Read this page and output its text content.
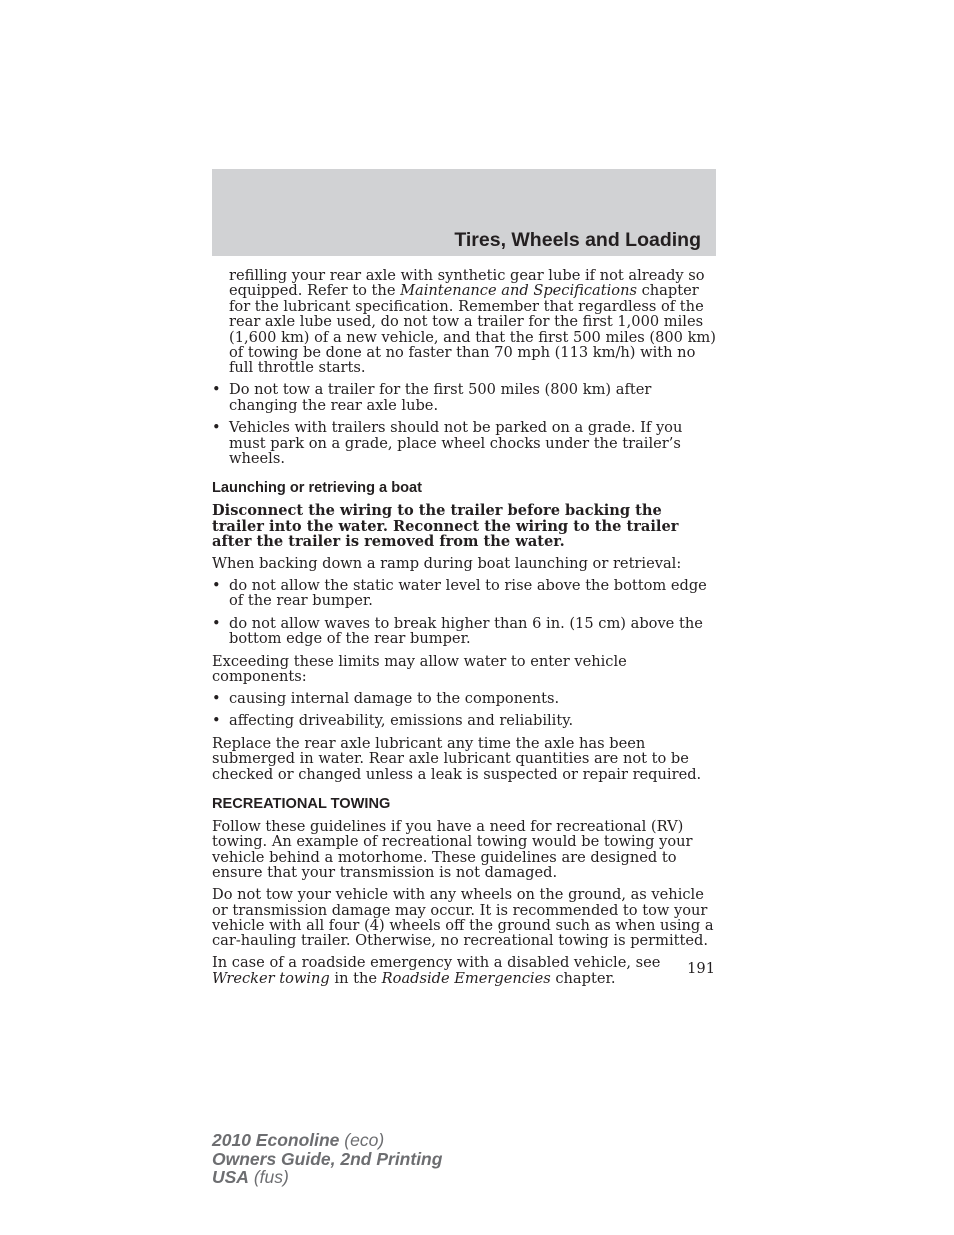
Tires, Wheels and Loading

refilling your rear axle with synthetic gear lube if not already so equipped. Refer to the Maintenance and Specifications chapter for the lubricant specification. Remember that regardless of the rear axle lube used, do not tow a trailer for the first 1,000 miles (1,600 km) of a new vehicle, and that the first 500 miles (800 km) of towing be done at no faster than 70 mph (113 km/h) with no full throttle starts.

• Do not tow a trailer for the first 500 miles (800 km) after changing the rear axle lube.
• Vehicles with trailers should not be parked on a grade. If you must park on a grade, place wheel chocks under the trailer’s wheels.
Launching or retrieving a boat

Disconnect the wiring to the trailer before backing the trailer into the water. Reconnect the wiring to the trailer after the trailer is removed from the water.

When backing down a ramp during boat launching or retrieval:

• do not allow the static water level to rise above the bottom edge of the rear bumper.
• do not allow waves to break higher than 6 in. (15 cm) above the bottom edge of the rear bumper.

Exceeding these limits may allow water to enter vehicle components:

• causing internal damage to the components.
• affecting driveability, emissions and reliability.

Replace the rear axle lubricant any time the axle has been submerged in water. Rear axle lubricant quantities are not to be checked or changed unless a leak is suspected or repair required.

RECREATIONAL TOWING

Follow these guidelines if you have a need for recreational (RV) towing. An example of recreational towing would be towing your vehicle behind a motorhome. These guidelines are designed to ensure that your transmission is not damaged.

Do not tow your vehicle with any wheels on the ground, as vehicle or transmission damage may occur. It is recommended to tow your vehicle with all four (4) wheels off the ground such as when using a car-hauling trailer. Otherwise, no recreational towing is permitted.

In case of a roadside emergency with a disabled vehicle, see Wrecker towing in the Roadside Emergencies chapter.

191
2010 Econoline (eco)
Owners Guide, 2nd Printing
USA (fus)
